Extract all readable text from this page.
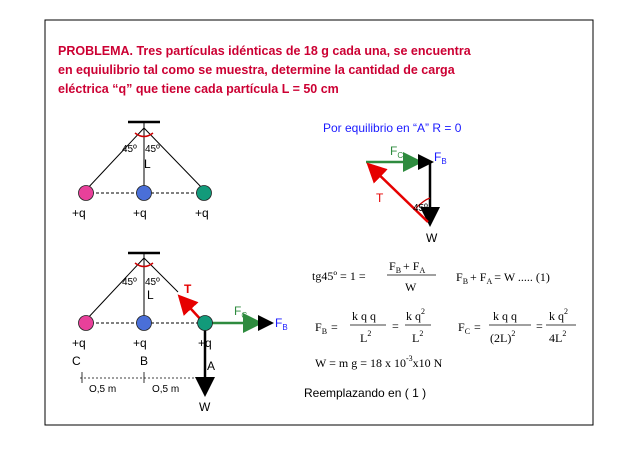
PROBLEMA. Tres partículas idénticas de 18 g cada una, se encuentra
en equiulibrio tal como se muestra, determine la cantidad de carga
eléctrica “q” que tiene cada partícula L = 50 cm
45º 45º
L
+q	+q	+q
45º 45º
L	T
$F_C$
$F_B$
W
+q	+q	+q
C	B	A
O,5 m	O,5 m
Por equilibrio en “A” R = 0
$F_C$	$F_B$
W
T
45º
tg45º = 1 =
$F_B + F_A$
W
$F_B + F_A = W$ ..... (1)
$F_B$ =
k q q
$L^2$
=
k $q^2$
$L^2$	$F_C$ =
k q q
$(2L)^2$
=
k $q^2$
$4L^2$
W = m g = 18 x $10^{-3}x10$ N
Reemplazando en ( 1 )
